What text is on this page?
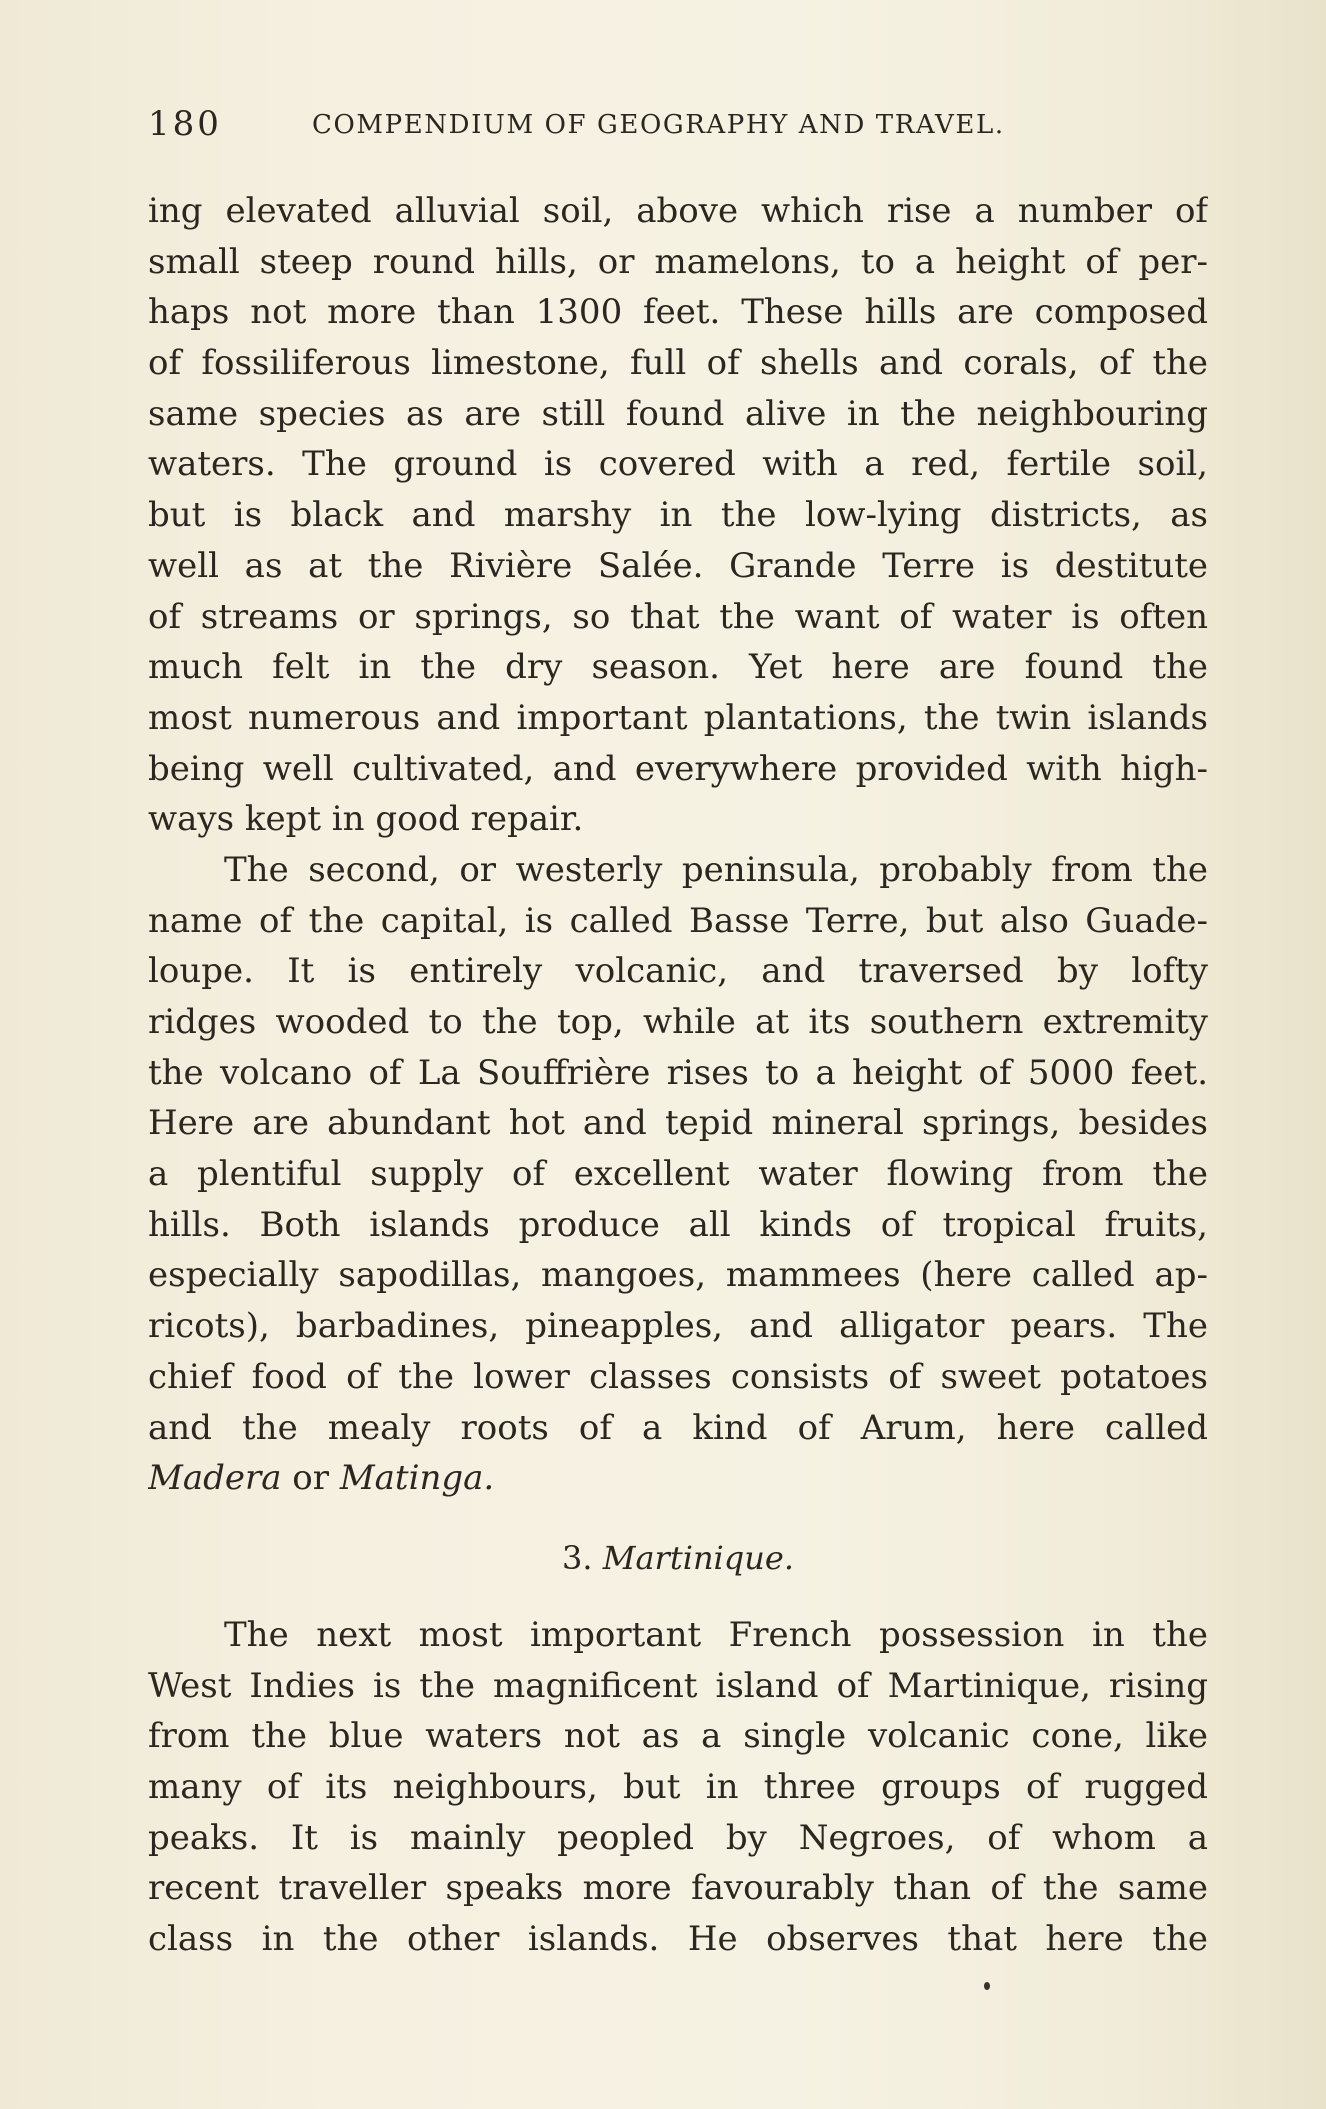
180	COMPENDIUM OF GEOGRAPHY AND TRAVEL.
ing elevated alluvial soil, above which rise a number of
small steep round hills, or mamelons, to a height of per-
haps not more than 1300 feet. These hills are composed
of fossiliferous limestone, full of shells and corals, of the
same species as are still found alive in the neighbouring
waters. The ground is covered with a red, fertile soil,
but is black and marshy in the low-lying districts, as
well as at the Rivière Salée. Grande Terre is destitute
of streams or springs, so that the want of water is often
much felt in the dry season. Yet here are found the
most numerous and important plantations, the twin islands
being well cultivated, and everywhere provided with high-
ways kept in good repair.
The second, or westerly peninsula, probably from the
name of the capital, is called Basse Terre, but also Guade-
loupe. It is entirely volcanic, and traversed by lofty
ridges wooded to the top, while at its southern extremity
the volcano of La Souffrière rises to a height of 5000 feet.
Here are abundant hot and tepid mineral springs, besides
a plentiful supply of excellent water flowing from the
hills. Both islands produce all kinds of tropical fruits,
especially sapodillas, mangoes, mammees (here called ap-
ricots), barbadines, pineapples, and alligator pears. The
chief food of the lower classes consists of sweet potatoes
and the mealy roots of a kind of Arum, here called
Madera or Matinga.
3. Martinique.
The next most important French possession in the
West Indies is the magnificent island of Martinique, rising
from the blue waters not as a single volcanic cone, like
many of its neighbours, but in three groups of rugged
peaks. It is mainly peopled by Negroes, of whom a
recent traveller speaks more favourably than of the same
class in the other islands. He observes that here the
